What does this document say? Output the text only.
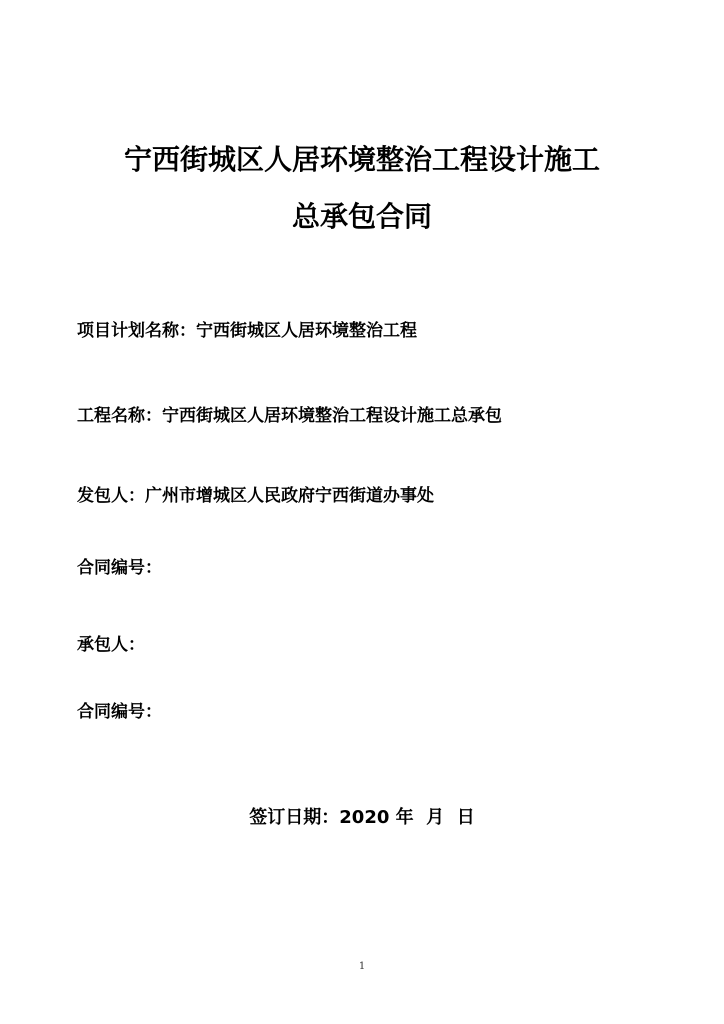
宁西街城区人居环境整治工程设计施工
总承包合同
项目计划名称：宁西街城区人居环境整治工程
工程名称：宁西街城区人居环境整治工程设计施工总承包
发包人：广州市增城区人民政府宁西街道办事处
合同编号：
承包人：
合同编号：
签订日期：2020 年  月  日
1
